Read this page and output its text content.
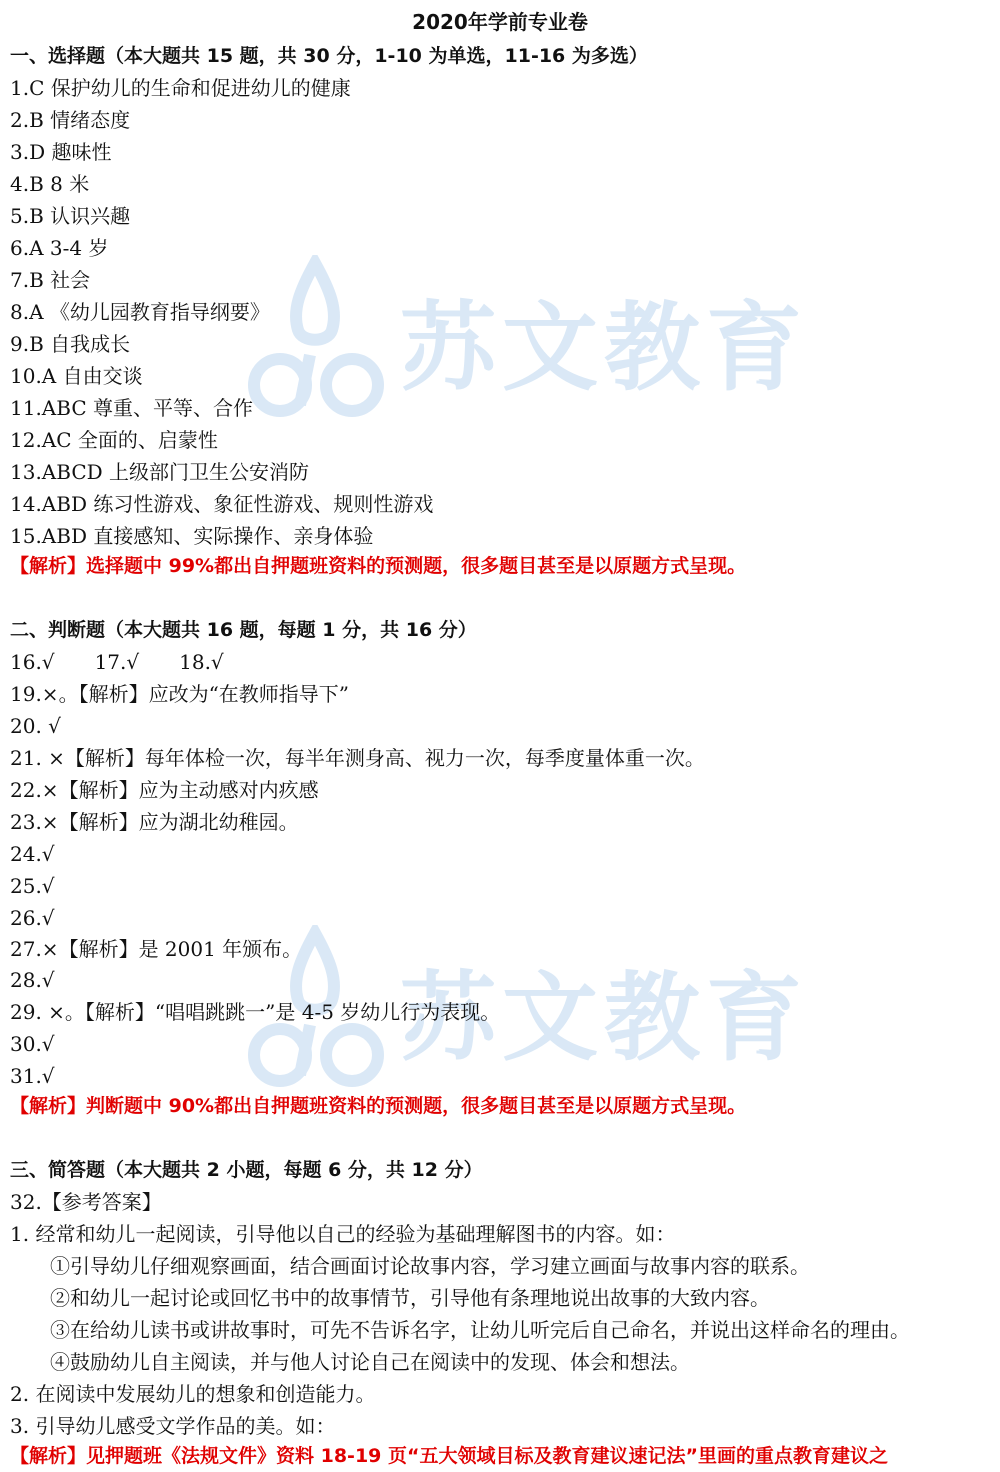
苏文教育
苏文教育
2020年学前专业卷
一、选择题（本大题共 15 题，共 30 分，1-10 为单选，11-16 为多选）
1.C 保护幼儿的生命和促进幼儿的健康
2.B 情绪态度
3.D 趣味性
4.B 8 米
5.B 认识兴趣
6.A 3-4 岁
7.B 社会
8.A 《幼儿园教育指导纲要》
9.B 自我成长
10.A 自由交谈
11.ABC 尊重、平等、合作
12.AC 全面的、启蒙性
13.ABCD 上级部门卫生公安消防
14.ABD 练习性游戏、象征性游戏、规则性游戏
15.ABD 直接感知、实际操作、亲身体验
【解析】选择题中 99%都出自押题班资料的预测题，很多题目甚至是以原题方式呈现。
二、判断题（本大题共 16 题，每题 1 分，共 16 分）
16.√ 17.√ 18.√
19.×。【解析】应改为“在教师指导下”
20. √
21. ×【解析】每年体检一次，每半年测身高、视力一次，每季度量体重一次。
22.×【解析】应为主动感对内疚感
23.×【解析】应为湖北幼稚园。
24.√
25.√
26.√
27.×【解析】是 2001 年颁布。
28.√
29. ×。【解析】“唱唱跳跳一”是 4-5 岁幼儿行为表现。
30.√
31.√
【解析】判断题中 90%都出自押题班资料的预测题，很多题目甚至是以原题方式呈现。
三、简答题（本大题共 2 小题，每题 6 分，共 12 分）
32.【参考答案】
1. 经常和幼儿一起阅读，引导他以自己的经验为基础理解图书的内容。如：
①引导幼儿仔细观察画面，结合画面讨论故事内容，学习建立画面与故事内容的联系。
②和幼儿一起讨论或回忆书中的故事情节，引导他有条理地说出故事的大致内容。
③在给幼儿读书或讲故事时，可先不告诉名字，让幼儿听完后自己命名，并说出这样命名的理由。
④鼓励幼儿自主阅读，并与他人讨论自己在阅读中的发现、体会和想法。
2. 在阅读中发展幼儿的想象和创造能力。
3. 引导幼儿感受文学作品的美。如：
【解析】见押题班《法规文件》资料 18-19 页“五大领域目标及教育建议速记法”里画的重点教育建议之
